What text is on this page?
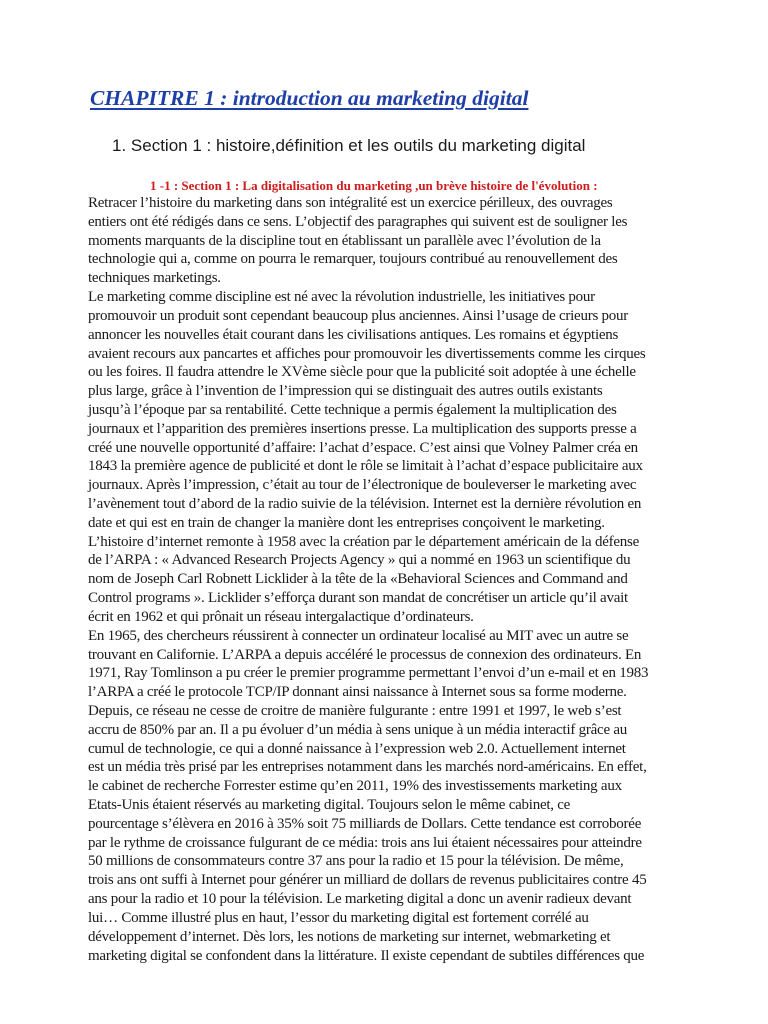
CHAPITRE 1 : introduction au marketing digital
1. Section 1 : histoire,définition et les outils du marketing digital
1 -1 : Section 1 : La digitalisation du marketing ,un brève histoire de l'évolution :
Retracer l’histoire du marketing dans son intégralité est un exercice périlleux, des ouvrages
entiers ont été rédigés dans ce sens. L’objectif des paragraphes qui suivent est de souligner les
moments marquants de la discipline tout en établissant un parallèle avec l’évolution de la
technologie qui a, comme on pourra le remarquer, toujours contribué au renouvellement des
techniques marketings.
Le marketing comme discipline est né avec la révolution industrielle, les initiatives pour
promouvoir un produit sont cependant beaucoup plus anciennes. Ainsi l’usage de crieurs pour
annoncer les nouvelles était courant dans les civilisations antiques. Les romains et égyptiens
avaient recours aux pancartes et affiches pour promouvoir les divertissements comme les cirques
ou les foires. Il faudra attendre le XVème siècle pour que la publicité soit adoptée à une échelle
plus large, grâce à l’invention de l’impression qui se distinguait des autres outils existants
jusqu’à l’époque par sa rentabilité. Cette technique a permis également la multiplication des
journaux et l’apparition des premières insertions presse. La multiplication des supports presse a
créé une nouvelle opportunité d’affaire: l’achat d’espace. C’est ainsi que Volney Palmer créa en
1843 la première agence de publicité et dont le rôle se limitait à l’achat d’espace publicitaire aux
journaux. Après l’impression, c’était au tour de l’électronique de bouleverser le marketing avec
l’avènement tout d’abord de la radio suivie de la télévision. Internet est la dernière révolution en
date et qui est en train de changer la manière dont les entreprises conçoivent le marketing.
L’histoire d’internet remonte à 1958 avec la création par le département américain de la défense
de l’ARPA : « Advanced Research Projects Agency » qui a nommé en 1963 un scientifique du
nom de Joseph Carl Robnett Licklider à la tête de la «Behavioral Sciences and Command and
Control programs ». Licklider s’efforça durant son mandat de concrétiser un article qu’il avait
écrit en 1962 et qui prônait un réseau intergalactique d’ordinateurs.
En 1965, des chercheurs réussirent à connecter un ordinateur localisé au MIT avec un autre se
trouvant en Californie. L’ARPA a depuis accéléré le processus de connexion des ordinateurs. En
1971, Ray Tomlinson a pu créer le premier programme permettant l’envoi d’un e-mail et en 1983
l’ARPA a créé le protocole TCP/IP donnant ainsi naissance à Internet sous sa forme moderne.
Depuis, ce réseau ne cesse de croitre de manière fulgurante : entre 1991 et 1997, le web s’est
accru de 850% par an. Il a pu évoluer d’un média à sens unique à un média interactif grâce au
cumul de technologie, ce qui a donné naissance à l’expression web 2.0. Actuellement internet
est un média très prisé par les entreprises notamment dans les marchés nord-américains. En effet,
le cabinet de recherche Forrester estime qu’en 2011, 19% des investissements marketing aux
Etats-Unis étaient réservés au marketing digital. Toujours selon le même cabinet, ce
pourcentage s’élèvera en 2016 à 35% soit 75 milliards de Dollars. Cette tendance est corroborée
par le rythme de croissance fulgurant de ce média: trois ans lui étaient nécessaires pour atteindre
50 millions de consommateurs contre 37 ans pour la radio et 15 pour la télévision. De même,
trois ans ont suffi à Internet pour générer un milliard de dollars de revenus publicitaires contre 45
ans pour la radio et 10 pour la télévision. Le marketing digital a donc un avenir radieux devant
lui… Comme illustré plus en haut, l’essor du marketing digital est fortement corrélé au
développement d’internet. Dès lors, les notions de marketing sur internet, webmarketing et
marketing digital se confondent dans la littérature. Il existe cependant de subtiles différences que
